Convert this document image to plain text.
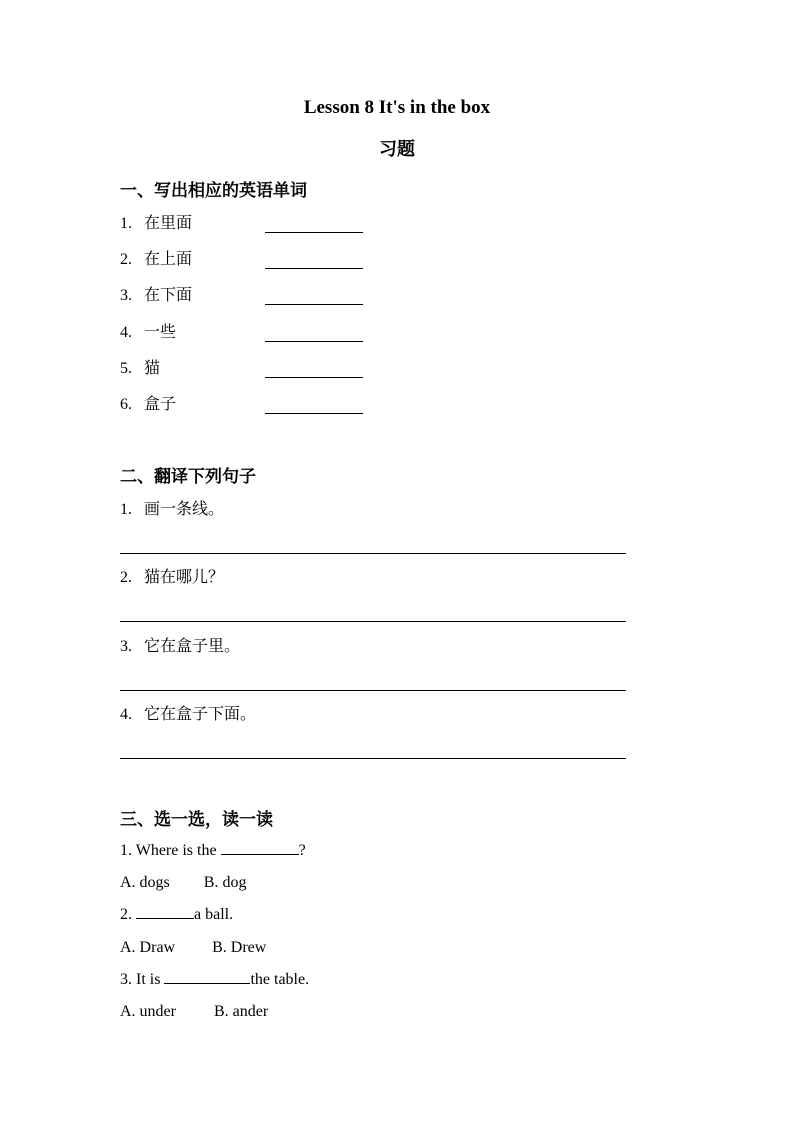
Lesson 8 It's in the box
习题
一、写出相应的英语单词
1. 在里面
2. 在上面
3. 在下面
4. 一些
5. 猫
6. 盒子
二、翻译下列句子
1. 画一条线。
2. 猫在哪儿？
3. 它在盒子里。
4. 它在盒子下面。
三、选一选，读一读
1. Where is the	?
A. dogs B. dog
2.	a ball.
A. Draw B. Drew
3. It is	the table.
A. under B. ander
